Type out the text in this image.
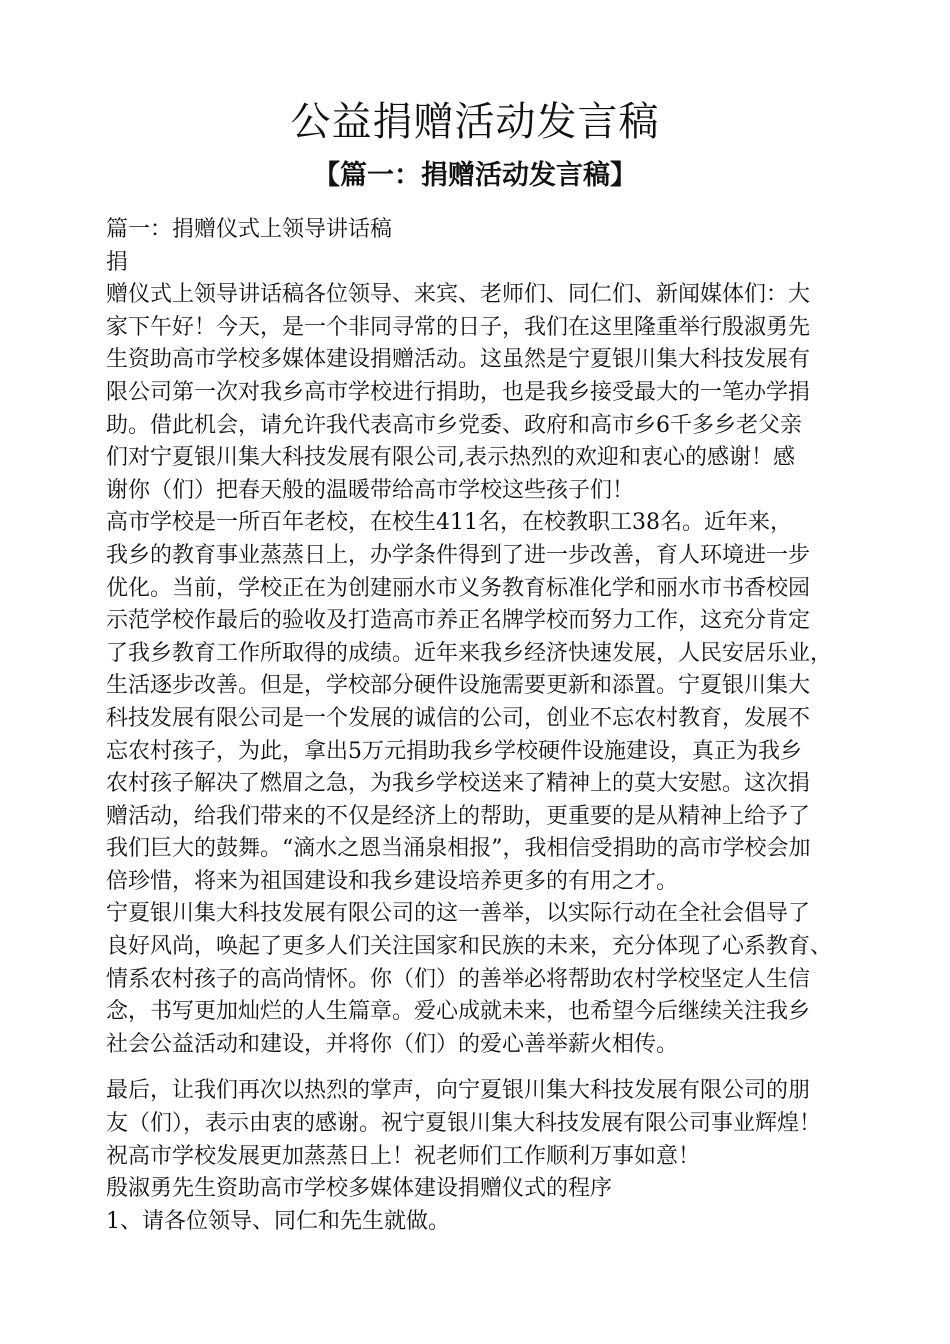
公益捐赠活动发言稿
【篇一：捐赠活动发言稿】

篇一：捐赠仪式上领导讲话稿

捐

赠仪式上领导讲话稿各位领导、来宾、老师们、同仁们、新闻媒体们：大

家下午好！今天，是一个非同寻常的日子，我们在这里隆重举行殷淑勇先

生资助高市学校多媒体建设捐赠活动。这虽然是宁夏银川集大科技发展有

限公司第一次对我乡高市学校进行捐助，也是我乡接受最大的一笔办学捐

助。借此机会，请允许我代表高市乡党委、政府和高市乡6千多乡老父亲

们对宁夏银川集大科技发展有限公司,表示热烈的欢迎和衷心的感谢！感

谢你（们）把春天般的温暖带给高市学校这些孩子们！

高市学校是一所百年老校，在校生411名，在校教职工38名。近年来，

我乡的教育事业蒸蒸日上，办学条件得到了进一步改善，育人环境进一步

优化。当前，学校正在为创建丽水市义务教育标准化学和丽水市书香校园

示范学校作最后的验收及打造高市养正名牌学校而努力工作，这充分肯定

了我乡教育工作所取得的成绩。近年来我乡经济快速发展，人民安居乐业，

生活逐步改善。但是，学校部分硬件设施需要更新和添置。宁夏银川集大

科技发展有限公司是一个发展的诚信的公司，创业不忘农村教育，发展不

忘农村孩子，为此，拿出5万元捐助我乡学校硬件设施建设，真正为我乡

农村孩子解决了燃眉之急，为我乡学校送来了精神上的莫大安慰。这次捐

赠活动，给我们带来的不仅是经济上的帮助，更重要的是从精神上给予了

我们巨大的鼓舞。“滴水之恩当涌泉相报”，我相信受捐助的高市学校会加

倍珍惜，将来为祖国建设和我乡建设培养更多的有用之才。

宁夏银川集大科技发展有限公司的这一善举，以实际行动在全社会倡导了

良好风尚，唤起了更多人们关注国家和民族的未来，充分体现了心系教育、

情系农村孩子的高尚情怀。你（们）的善举必将帮助农村学校坚定人生信

念，书写更加灿烂的人生篇章。爱心成就未来，也希望今后继续关注我乡

社会公益活动和建设，并将你（们）的爱心善举薪火相传。

最后，让我们再次以热烈的掌声，向宁夏银川集大科技发展有限公司的朋

友（们），表示由衷的感谢。祝宁夏银川集大科技发展有限公司事业辉煌！

祝高市学校发展更加蒸蒸日上！祝老师们工作顺利万事如意！

殷淑勇先生资助高市学校多媒体建设捐赠仪式的程序

1、请各位领导、同仁和先生就做。
